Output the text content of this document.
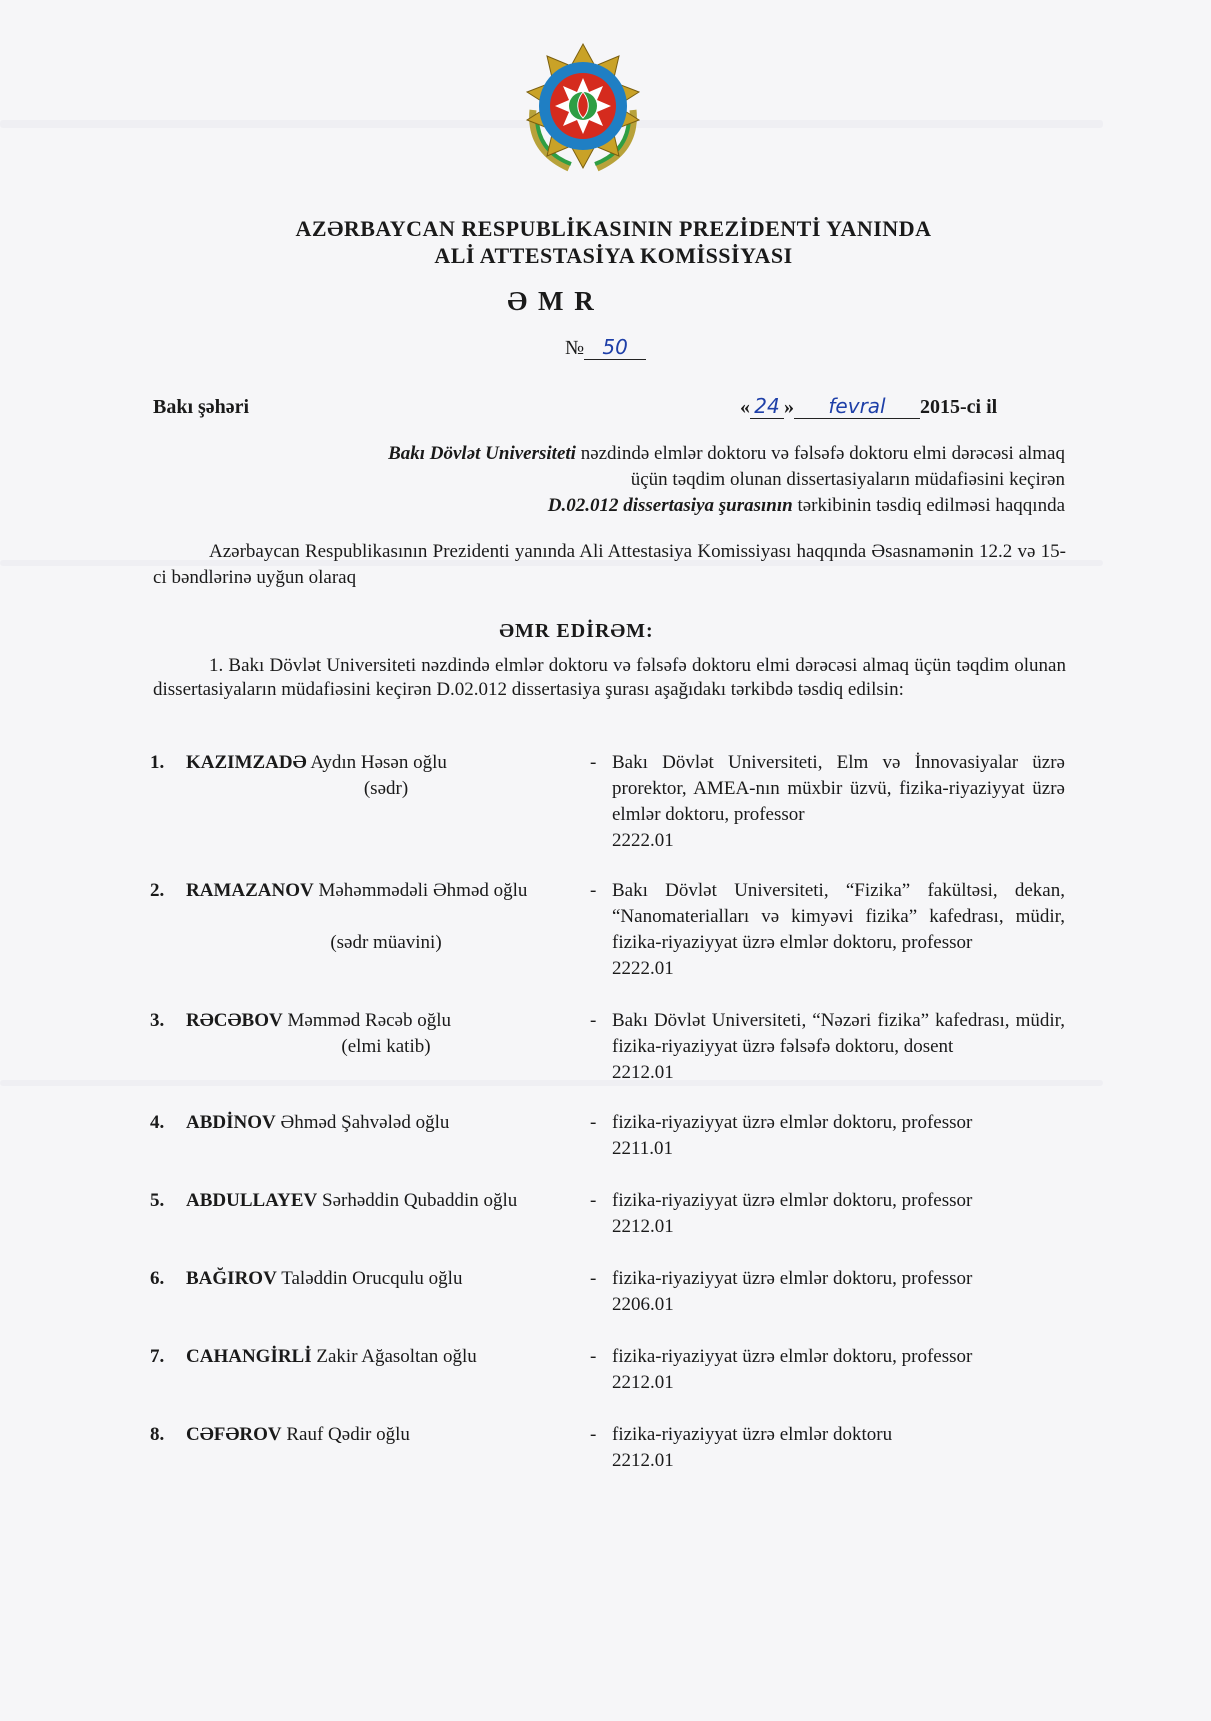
AZƏRBAYCAN RESPUBLİKASININ PREZİDENTİ YANINDA
ALİ ATTESTASİYA KOMİSSİYASI
Ə M R
№ 50
Bakı şəhəri	« 24 » fevral 2015-ci il
Bakı Dövlət Universiteti nəzdində elmlər doktoru və fəlsəfə doktoru elmi dərəcəsi almaq üçün təqdim olunan dissertasiyaların müdafiəsini keçirən
D.02.012 dissertasiya şurasının tərkibinin təsdiq edilməsi haqqında
Azərbaycan Respublikasının Prezidenti yanında Ali Attestasiya Komissiyası haqqında Əsasnamənin 12.2 və 15-ci bəndlərinə uyğun olaraq
ƏMR EDİRƏM:
1. Bakı Dövlət Universiteti nəzdində elmlər doktoru və fəlsəfə doktoru elmi dərəcəsi almaq üçün təqdim olunan dissertasiyaların müdafiəsini keçirən D.02.012 dissertasiya şurası aşağıdakı tərkibdə təsdiq edilsin:
1.	KAZIMZADƏ Aydın Həsən oğlu
(sədr)
- Bakı Dövlət Universiteti, Elm və İnnovasiyalar üzrə prorektor, AMEA-nın müxbir üzvü, fizika-riyaziyyat üzrə elmlər doktoru, professor
2222.01
2.	RAMAZANOV Məhəmmədəli Əhməd oğlu
(sədr müavini)
- Bakı Dövlət Universiteti, “Fizika” fakültəsi, dekan, “Nanomaterialları və kimyəvi fizika” kafedrası, müdir, fizika-riyaziyyat üzrə elmlər doktoru, professor
2222.01
3.	RƏCƏBOV Məmməd Rəcəb oğlu
(elmi katib)
- Bakı Dövlət Universiteti, “Nəzəri fizika” kafedrası, müdir, fizika-riyaziyyat üzrə fəlsəfə doktoru, dosent
2212.01
4.	ABDİNOV Əhməd Şahvələd oğlu	- fizika-riyaziyyat üzrə elmlər doktoru, professor
2211.01
5.	ABDULLAYEV Sərhəddin Qubaddin oğlu	- fizika-riyaziyyat üzrə elmlər doktoru, professor
2212.01
6.	BAĞIROV Taləddin Orucqulu oğlu	- fizika-riyaziyyat üzrə elmlər doktoru, professor
2206.01
7.	CAHANGİRLİ Zakir Ağasoltan oğlu	- fizika-riyaziyyat üzrə elmlər doktoru, professor
2212.01
8.	CƏFƏROV Rauf Qədir oğlu	- fizika-riyaziyyat üzrə elmlər doktoru
2212.01
